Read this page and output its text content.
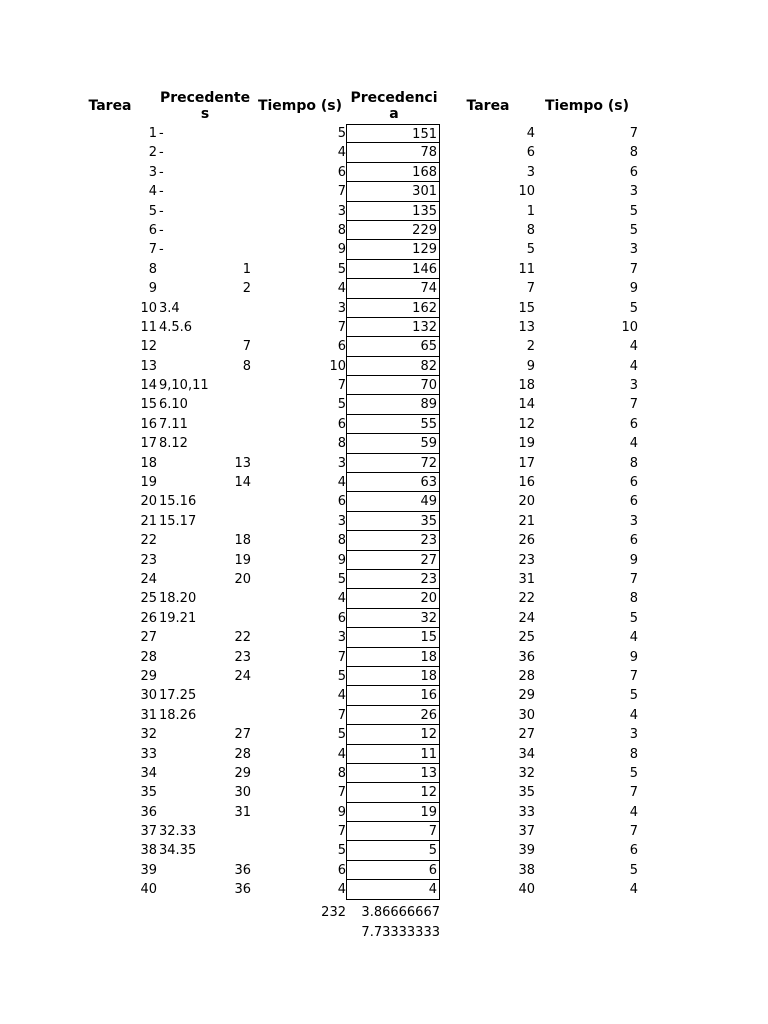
Tarea	Precedente
s	Tiempo (s) Precedenci
a	Tarea	Tiempo (s)
1 -	5	151	4	7
2 -	4	78	6	8
3 -	6	168	3	6
4 -	7	301	10	3
5 -	3	135	1	5
6 -	8	229	8	5
7 -	9	129	5	3
8	1	5	146	11	7
9	2	4	74	7	9
10 3.4	3	162	15	5
11 4.5.6	7	132	13	10
12	7	6	65	2	4
13	8	10	82	9	4
14 9,10,11	7	70	18	3
15 6.10	5	89	14	7
16 7.11	6	55	12	6
17 8.12	8	59	19	4
18	13	3	72	17	8
19	14	4	63	16	6
20 15.16	6	49	20	6
21 15.17	3	35	21	3
22	18	8	23	26	6
23	19	9	27	23	9
24	20	5	23	31	7
25 18.20	4	20	22	8
26 19.21	6	32	24	5
27	22	3	15	25	4
28	23	7	18	36	9
29	24	5	18	28	7
30 17.25	4	16	29	5
31 18.26	7	26	30	4
32	27	5	12	27	3
33	28	4	11	34	8
34	29	8	13	32	5
35	30	7	12	35	7
36	31	9	19	33	4
37 32.33	7	7	37	7
38 34.35	5	5	39	6
39	36	6	6	38	5
40	36	4	4	40	4
232	3.86666667
7.73333333
